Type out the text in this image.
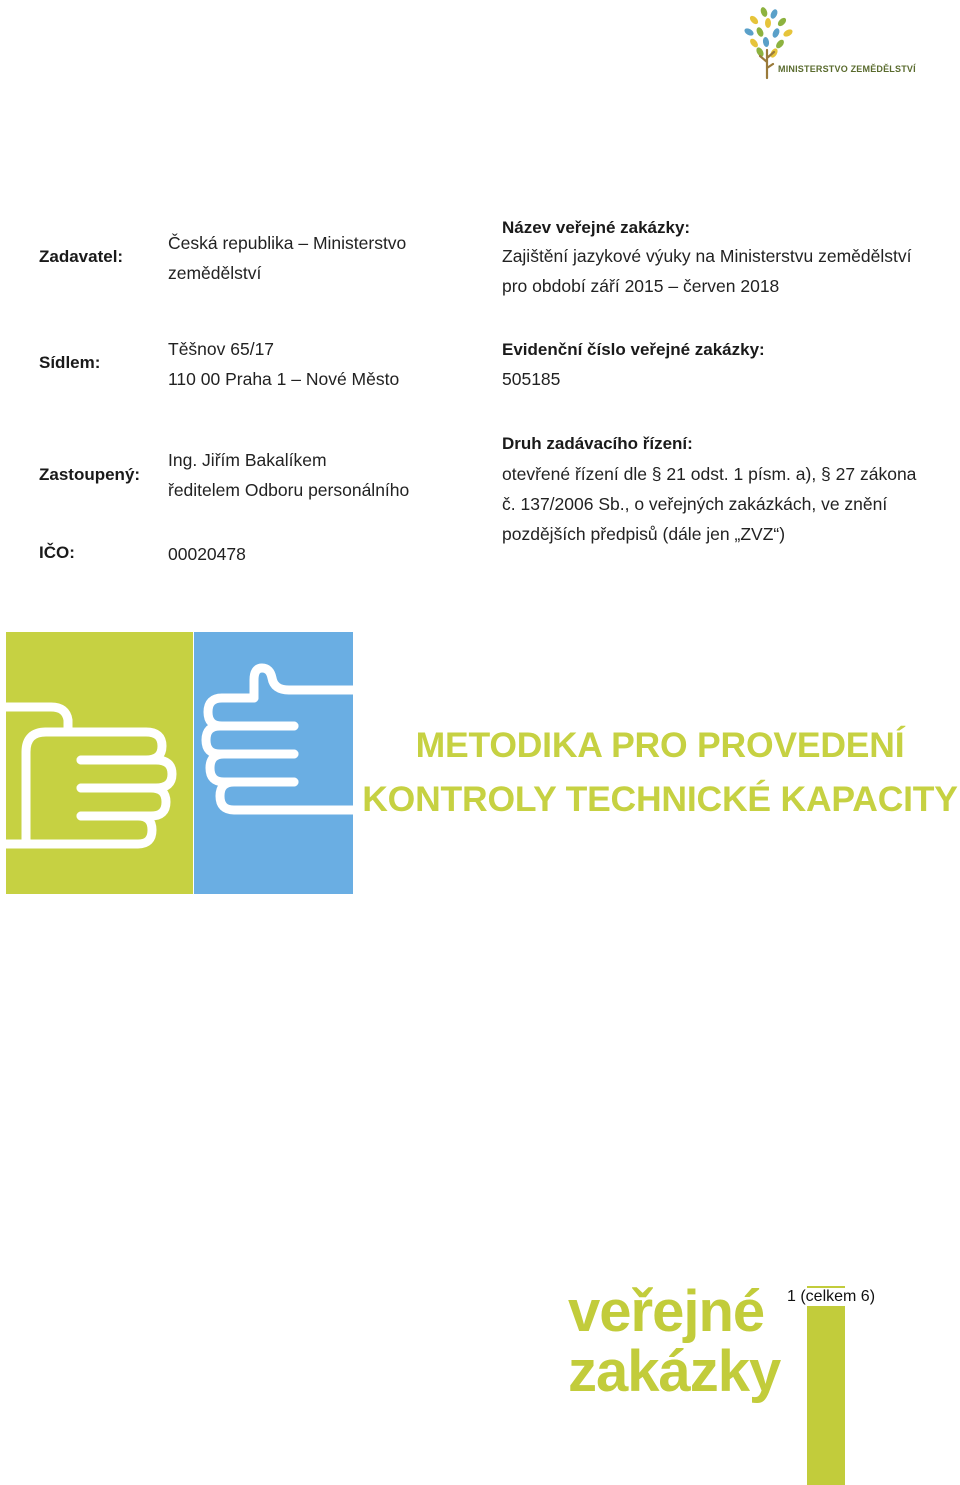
MINISTERSTVO ZEMĚDĚLSTVÍ
Zadavatel:
Sídlem:
Zastoupený:
IČO:
Česká republika – Ministerstvo
zemědělství
Těšnov 65/17
110 00 Praha 1 – Nové Město
Ing. Jiřím Bakalíkem
ředitelem Odboru personálního
00020478
Název veřejné zakázky:
Zajištění jazykové výuky na Ministerstvu zemědělství
pro období září 2015 – červen 2018
Evidenční číslo veřejné zakázky:
505185
Druh zadávacího řízení:
otevřené řízení dle § 21 odst. 1 písm. a), § 27 zákona
č. 137/2006 Sb., o veřejných zakázkách, ve znění
pozdějších předpisů (dále jen „ZVZ“)
METODIKA PRO PROVEDENÍ
KONTROLY TECHNICKÉ KAPACITY
veřejné
zakázky
1 (celkem 6)
